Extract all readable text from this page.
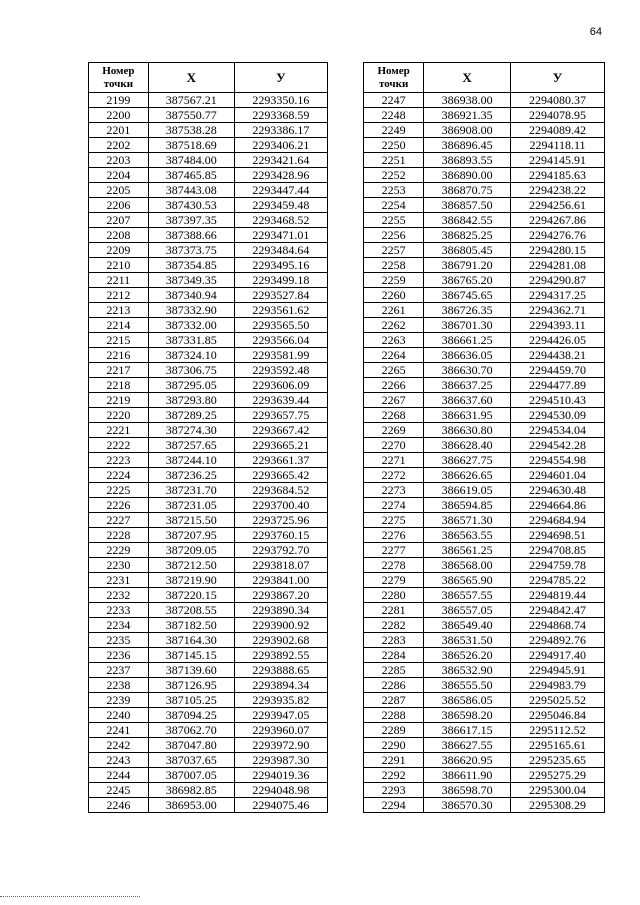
64
Номер
точки	X	У
2199	387567.21	2293350.16
2200	387550.77	2293368.59
2201	387538.28	2293386.17
2202	387518.69	2293406.21
2203	387484.00	2293421.64
2204	387465.85	2293428.96
2205	387443.08	2293447.44
2206	387430.53	2293459.48
2207	387397.35	2293468.52
2208	387388.66	2293471.01
2209	387373.75	2293484.64
2210	387354.85	2293495.16
2211	387349.35	2293499.18
2212	387340.94	2293527.84
2213	387332.90	2293561.62
2214	387332.00	2293565.50
2215	387331.85	2293566.04
2216	387324.10	2293581.99
2217	387306.75	2293592.48
2218	387295.05	2293606.09
2219	387293.80	2293639.44
2220	387289.25	2293657.75
2221	387274.30	2293667.42
2222	387257.65	2293665.21
2223	387244.10	2293661.37
2224	387236.25	2293665.42
2225	387231.70	2293684.52
2226	387231.05	2293700.40
2227	387215.50	2293725.96
2228	387207.95	2293760.15
2229	387209.05	2293792.70
2230	387212.50	2293818.07
2231	387219.90	2293841.00
2232	387220.15	2293867.20
2233	387208.55	2293890.34
2234	387182.50	2293900.92
2235	387164.30	2293902.68
2236	387145.15	2293892.55
2237	387139.60	2293888.65
2238	387126.95	2293894.34
2239	387105.25	2293935.82
2240	387094.25	2293947.05
2241	387062.70	2293960.07
2242	387047.80	2293972.90
2243	387037.65	2293987.30
2244	387007.05	2294019.36
2245	386982.85	2294048.98
2246	386953.00	2294075.46
Номер
точки	X	У
2247	386938.00	2294080.37
2248	386921.35	2294078.95
2249	386908.00	2294089.42
2250	386896.45	2294118.11
2251	386893.55	2294145.91
2252	386890.00	2294185.63
2253	386870.75	2294238.22
2254	386857.50	2294256.61
2255	386842.55	2294267.86
2256	386825.25	2294276.76
2257	386805.45	2294280.15
2258	386791.20	2294281.08
2259	386765.20	2294290.87
2260	386745.65	2294317.25
2261	386726.35	2294362.71
2262	386701.30	2294393.11
2263	386661.25	2294426.05
2264	386636.05	2294438.21
2265	386630.70	2294459.70
2266	386637.25	2294477.89
2267	386637.60	2294510.43
2268	386631.95	2294530.09
2269	386630.80	2294534.04
2270	386628.40	2294542.28
2271	386627.75	2294554.98
2272	386626.65	2294601.04
2273	386619.05	2294630.48
2274	386594.85	2294664.86
2275	386571.30	2294684.94
2276	386563.55	2294698.51
2277	386561.25	2294708.85
2278	386568.00	2294759.78
2279	386565.90	2294785.22
2280	386557.55	2294819.44
2281	386557.05	2294842.47
2282	386549.40	2294868.74
2283	386531.50	2294892.76
2284	386526.20	2294917.40
2285	386532.90	2294945.91
2286	386555.50	2294983.79
2287	386586.05	2295025.52
2288	386598.20	2295046.84
2289	386617.15	2295112.52
2290	386627.55	2295165.61
2291	386620.95	2295235.65
2292	386611.90	2295275.29
2293	386598.70	2295300.04
2294	386570.30	2295308.29
